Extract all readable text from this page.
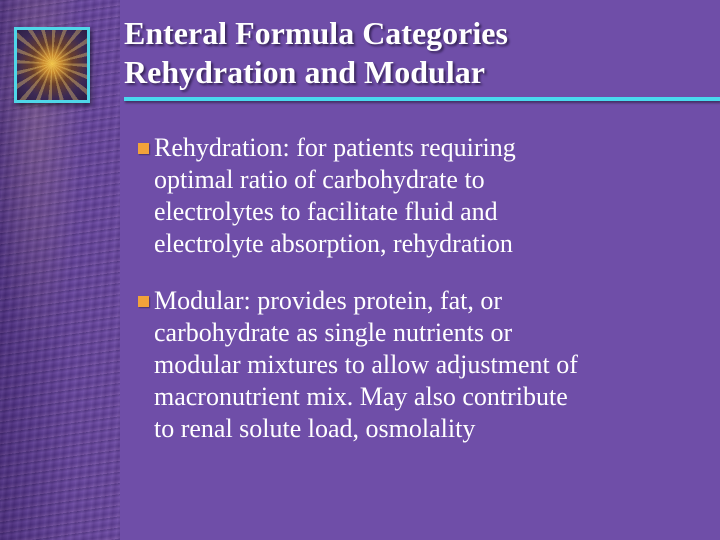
Enteral Formula Categories
Rehydration and Modular
Rehydration: for patients requiring
optimal ratio of carbohydrate to
electrolytes to facilitate fluid and
electrolyte absorption, rehydration
Modular: provides protein, fat, or
carbohydrate as single nutrients or
modular mixtures to allow adjustment of
macronutrient mix. May also contribute
to renal solute load, osmolality
